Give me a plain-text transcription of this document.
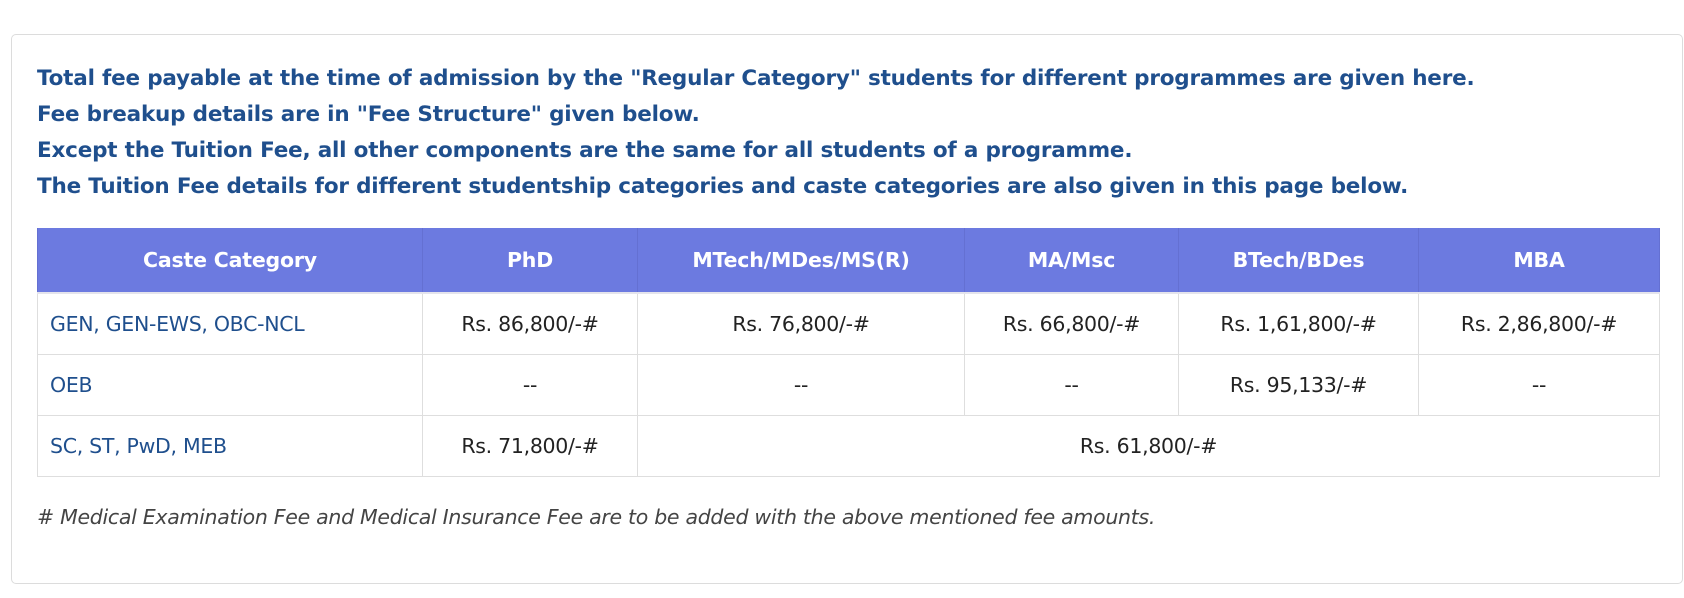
Total fee payable at the time of admission by the "Regular Category" students for different programmes are given here.
Fee breakup details are in "Fee Structure" given below.
Except the Tuition Fee, all other components are the same for all students of a programme.
The Tuition Fee details for different studentship categories and caste categories are also given in this page below.
Caste Category	PhD	MTech/MDes/MS(R)	MA/Msc	BTech/BDes	MBA
GEN, GEN-EWS, OBC-NCL	Rs. 86,800/-#	Rs. 76,800/-#	Rs. 66,800/-#	Rs. 1,61,800/-#	Rs. 2,86,800/-#
OEB	--	--	--	Rs. 95,133/-#	--
SC, ST, PwD, MEB	Rs. 71,800/-#	Rs. 61,800/-#			
# Medical Examination Fee and Medical Insurance Fee are to be added with the above mentioned fee amounts.
